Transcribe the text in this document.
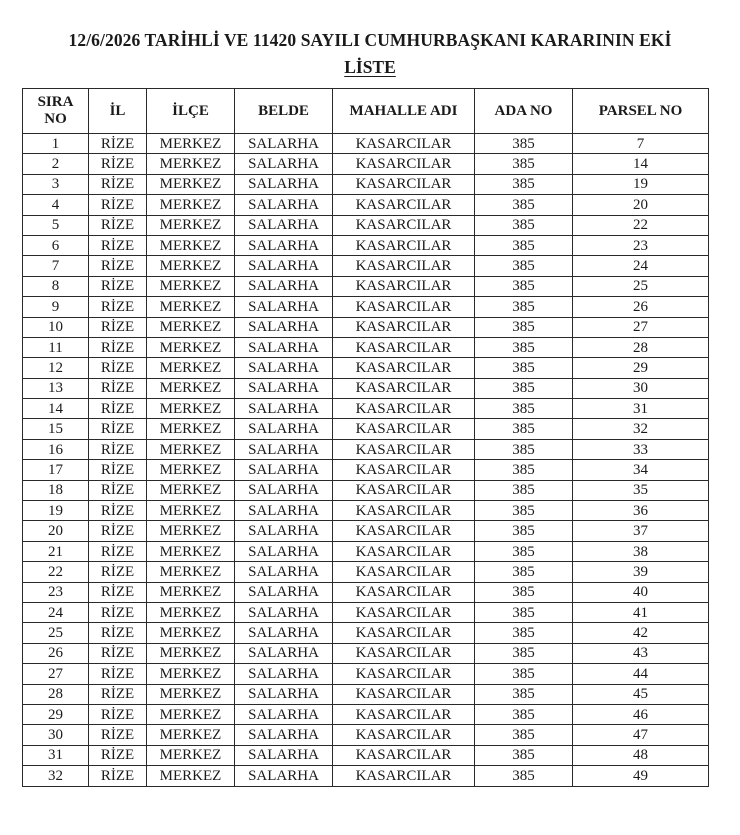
12/6/2026 TARİHLİ VE 11420 SAYILI CUMHURBAŞKANI KARARININ EKİ
LİSTE
SIRA
NO	İL	İLÇE	BELDE	MAHALLE ADI	ADA NO	PARSEL NO
1	RİZE	MERKEZ	SALARHA	KASARCILAR	385	7
2	RİZE	MERKEZ	SALARHA	KASARCILAR	385	14
3	RİZE	MERKEZ	SALARHA	KASARCILAR	385	19
4	RİZE	MERKEZ	SALARHA	KASARCILAR	385	20
5	RİZE	MERKEZ	SALARHA	KASARCILAR	385	22
6	RİZE	MERKEZ	SALARHA	KASARCILAR	385	23
7	RİZE	MERKEZ	SALARHA	KASARCILAR	385	24
8	RİZE	MERKEZ	SALARHA	KASARCILAR	385	25
9	RİZE	MERKEZ	SALARHA	KASARCILAR	385	26
10	RİZE	MERKEZ	SALARHA	KASARCILAR	385	27
11	RİZE	MERKEZ	SALARHA	KASARCILAR	385	28
12	RİZE	MERKEZ	SALARHA	KASARCILAR	385	29
13	RİZE	MERKEZ	SALARHA	KASARCILAR	385	30
14	RİZE	MERKEZ	SALARHA	KASARCILAR	385	31
15	RİZE	MERKEZ	SALARHA	KASARCILAR	385	32
16	RİZE	MERKEZ	SALARHA	KASARCILAR	385	33
17	RİZE	MERKEZ	SALARHA	KASARCILAR	385	34
18	RİZE	MERKEZ	SALARHA	KASARCILAR	385	35
19	RİZE	MERKEZ	SALARHA	KASARCILAR	385	36
20	RİZE	MERKEZ	SALARHA	KASARCILAR	385	37
21	RİZE	MERKEZ	SALARHA	KASARCILAR	385	38
22	RİZE	MERKEZ	SALARHA	KASARCILAR	385	39
23	RİZE	MERKEZ	SALARHA	KASARCILAR	385	40
24	RİZE	MERKEZ	SALARHA	KASARCILAR	385	41
25	RİZE	MERKEZ	SALARHA	KASARCILAR	385	42
26	RİZE	MERKEZ	SALARHA	KASARCILAR	385	43
27	RİZE	MERKEZ	SALARHA	KASARCILAR	385	44
28	RİZE	MERKEZ	SALARHA	KASARCILAR	385	45
29	RİZE	MERKEZ	SALARHA	KASARCILAR	385	46
30	RİZE	MERKEZ	SALARHA	KASARCILAR	385	47
31	RİZE	MERKEZ	SALARHA	KASARCILAR	385	48
32	RİZE	MERKEZ	SALARHA	KASARCILAR	385	49
